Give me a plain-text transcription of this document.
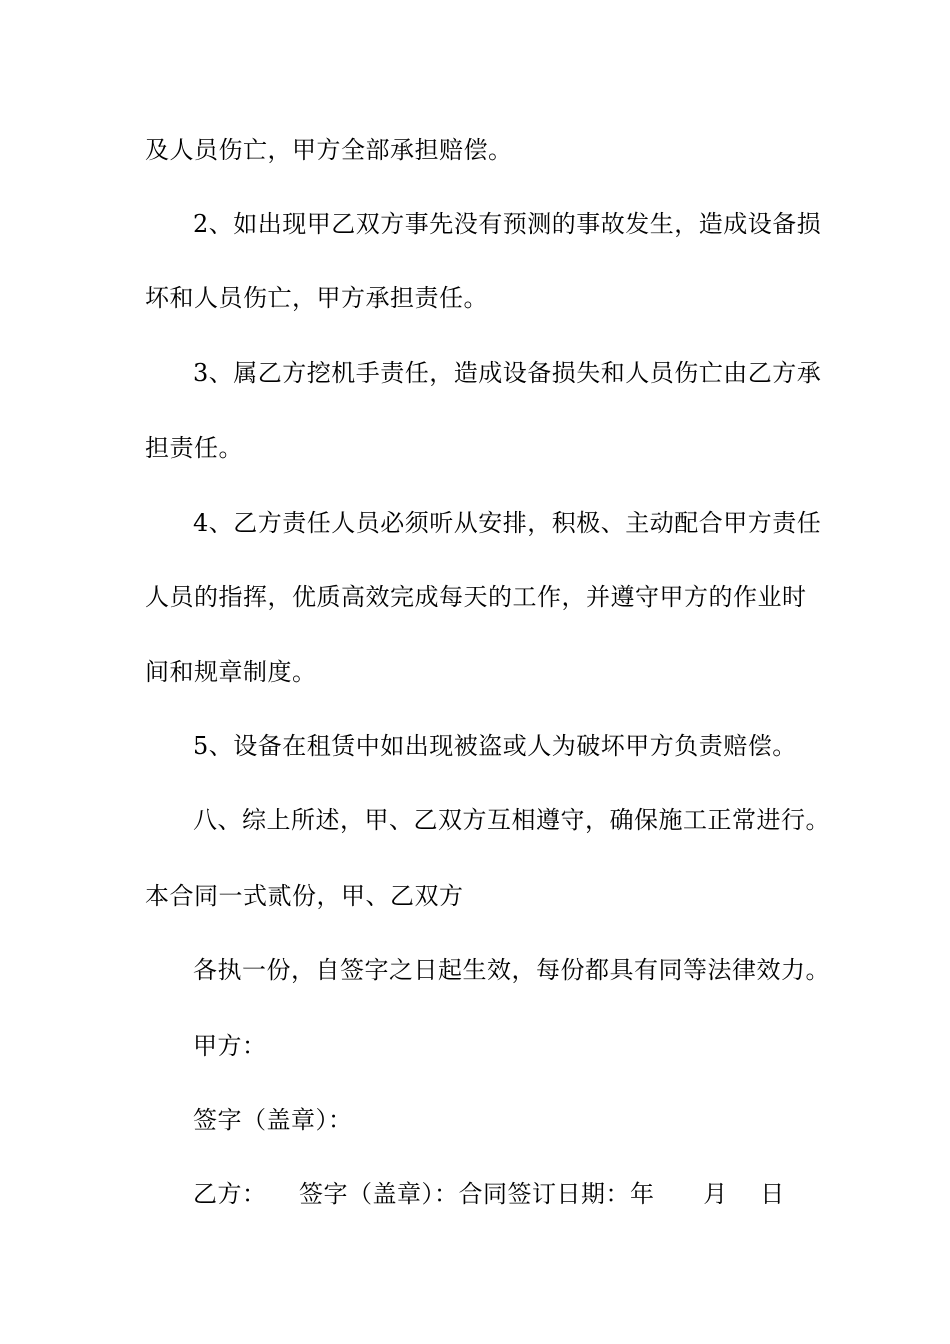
及人员伤亡，甲方全部承担赔偿。
2、如出现甲乙双方事先没有预测的事故发生，造成设备损
坏和人员伤亡，甲方承担责任。
3、属乙方挖机手责任，造成设备损失和人员伤亡由乙方承
担责任。
4、乙方责任人员必须听从安排，积极、主动配合甲方责任
人员的指挥，优质高效完成每天的工作，并遵守甲方的作业时
间和规章制度。
5、设备在租赁中如出现被盗或人为破坏甲方负责赔偿。
八、综上所述，甲、乙双方互相遵守，确保施工正常进行。
本合同一式贰份，甲、乙双方
各执一份，自签字之日起生效，每份都具有同等法律效力。
甲方：
签字（盖章）：
乙方：    签字（盖章）：合同签订日期：年      月    日
